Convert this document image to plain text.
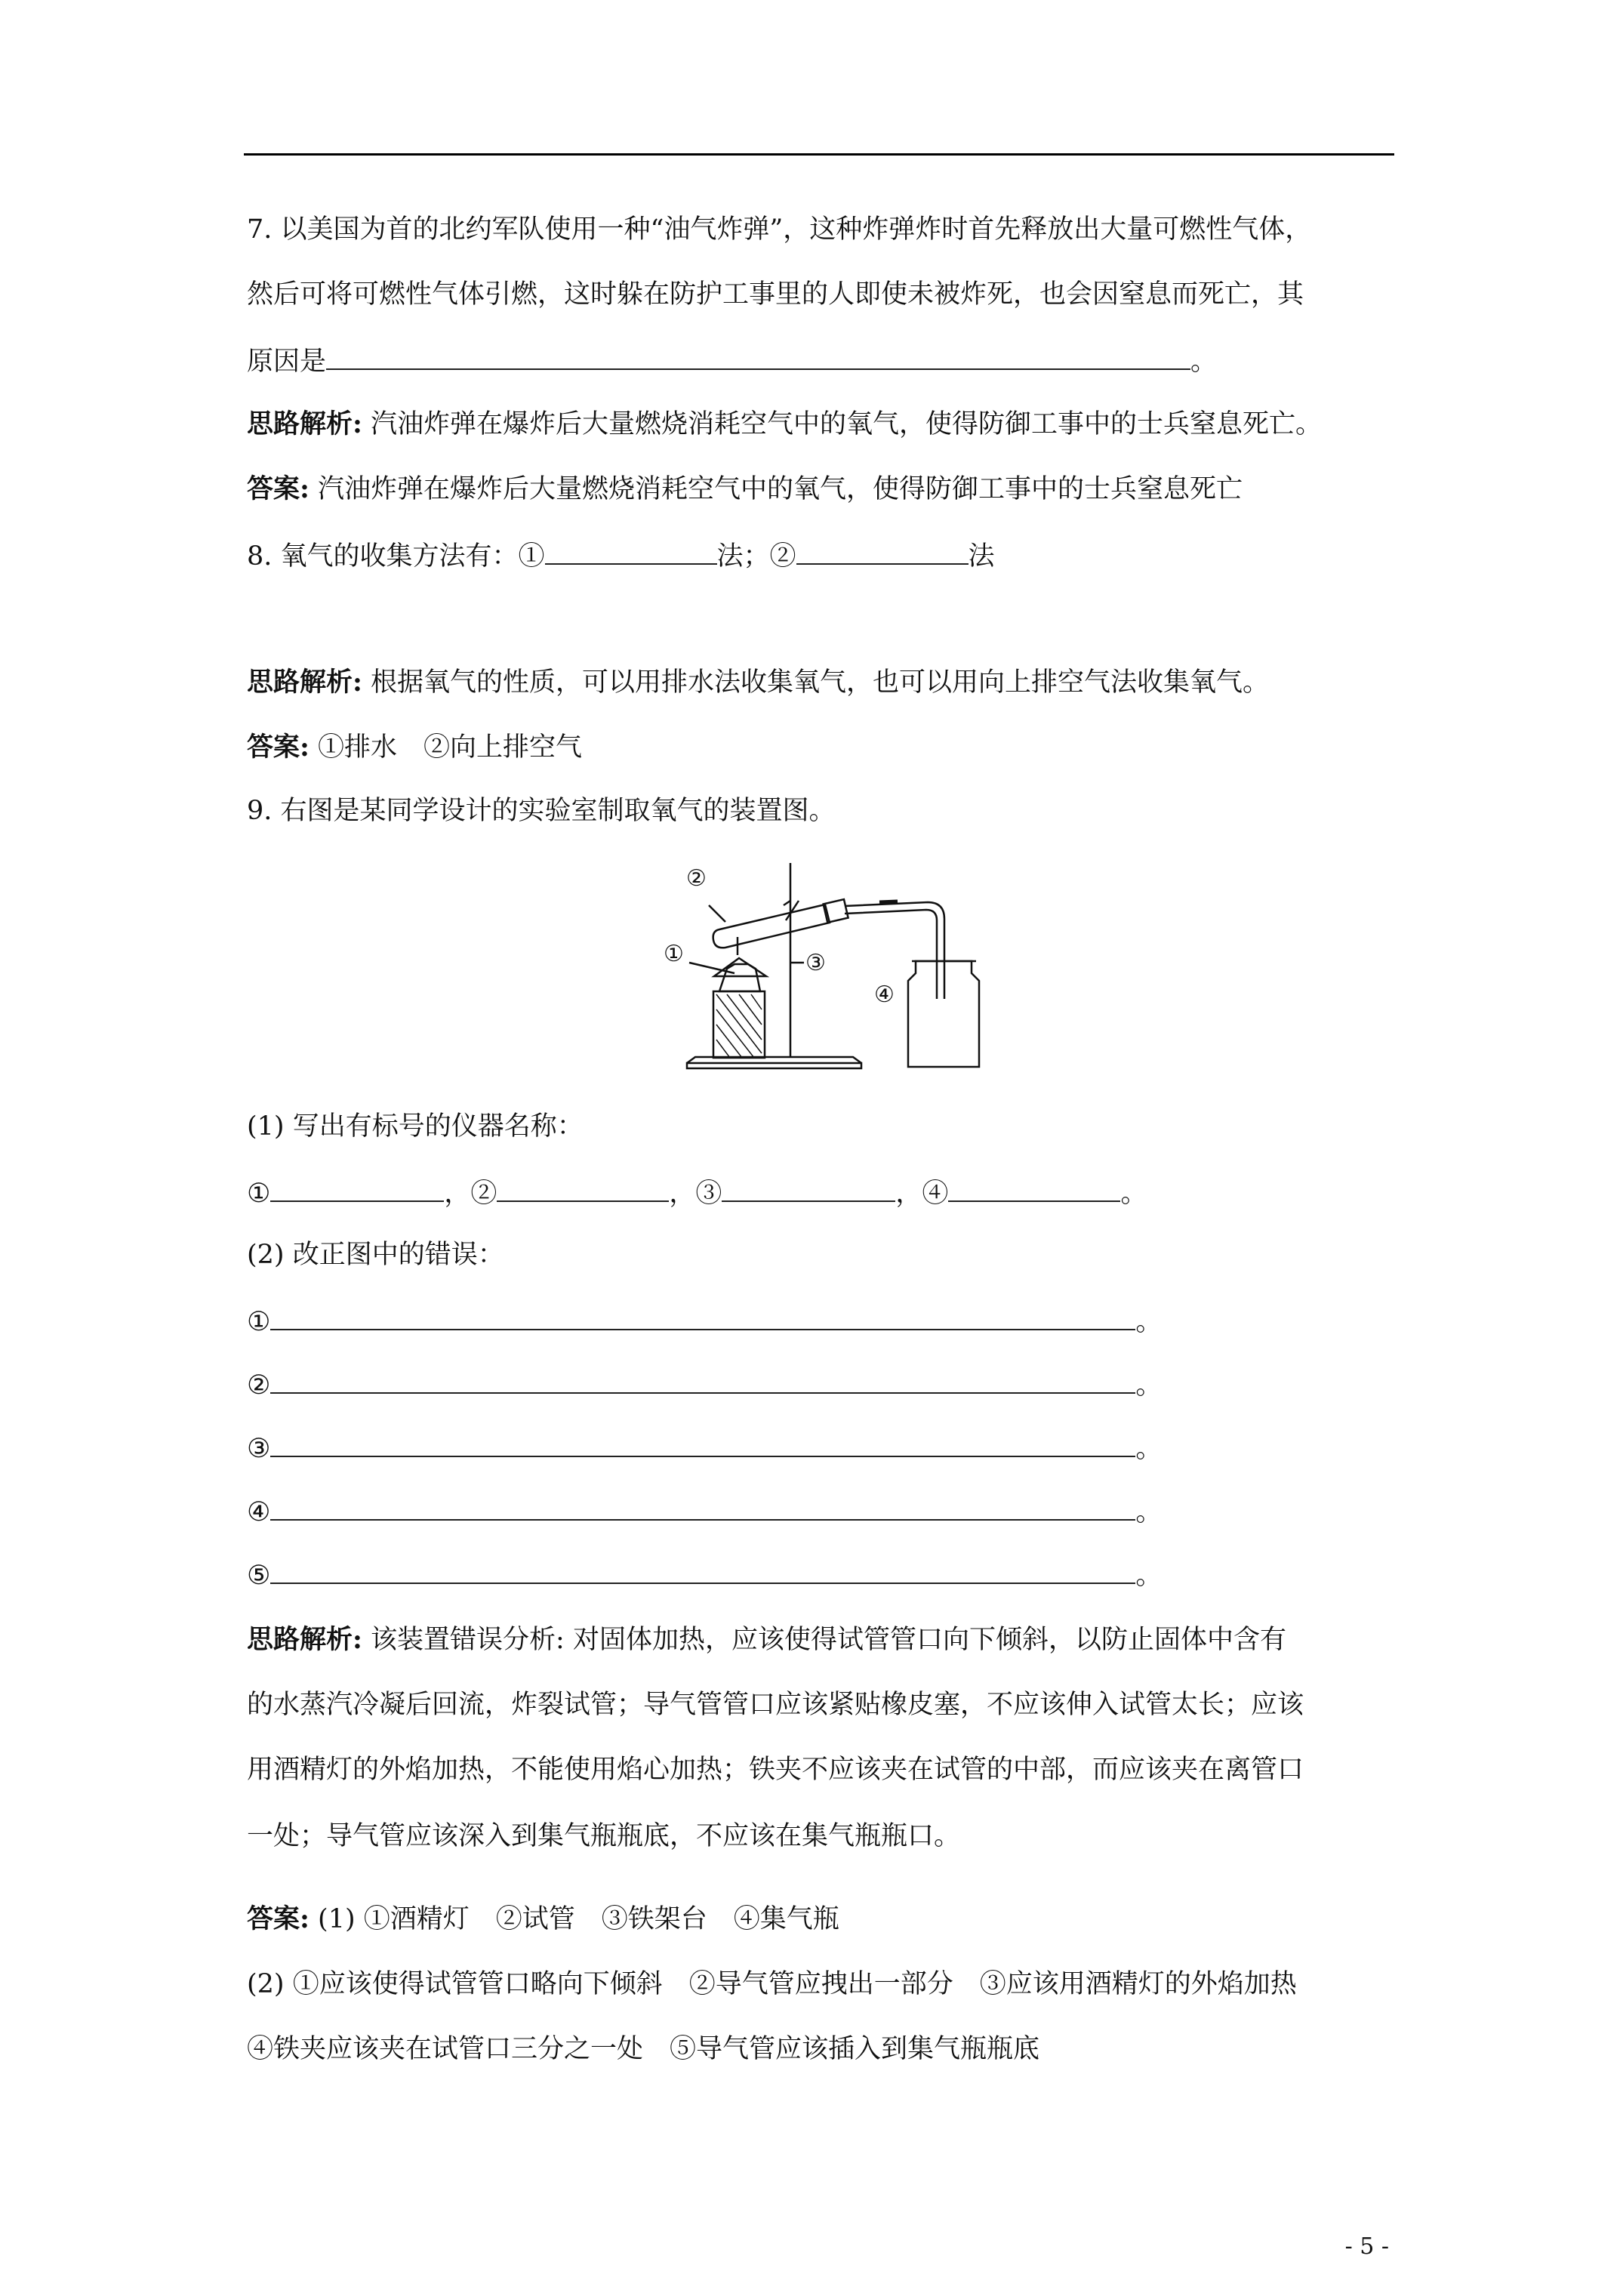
7. 以美国为首的北约军队使用一种“油气炸弹”，这种炸弹炸时首先释放出大量可燃性气体，
然后可将可燃性气体引燃，这时躲在防护工事里的人即使未被炸死，也会因窒息而死亡，其
原因是	。
思路解析: 汽油炸弹在爆炸后大量燃烧消耗空气中的氧气，使得防御工事中的士兵窒息死亡。
答案: 汽油炸弹在爆炸后大量燃烧消耗空气中的氧气，使得防御工事中的士兵窒息死亡
8. 氧气的收集方法有：①	法；②	法
思路解析: 根据氧气的性质，可以用排水法收集氧气，也可以用向上排空气法收集氧气。
答案: ①排水　②向上排空气
9. 右图是某同学设计的实验室制取氧气的装置图。
②
①	③
④
(1) 写出有标号的仪器名称：
①	，②	，③	，④	。
(2) 改正图中的错误：
①	。
②	。
③	。
④	。
⑤	。
思路解析: 该装置错误分析: 对固体加热，应该使得试管管口向下倾斜，以防止固体中含有
的水蒸汽冷凝后回流，炸裂试管；导气管管口应该紧贴橡皮塞，不应该伸入试管太长；应该
用酒精灯的外焰加热，不能使用焰心加热；铁夹不应该夹在试管的中部，而应该夹在离管口
一处；导气管应该深入到集气瓶瓶底，不应该在集气瓶瓶口。
答案: (1) ①酒精灯　②试管　③铁架台　④集气瓶
(2) ①应该使得试管管口略向下倾斜　②导气管应拽出一部分　③应该用酒精灯的外焰加热
④铁夹应该夹在试管口三分之一处　⑤导气管应该插入到集气瓶瓶底
- 5 -
